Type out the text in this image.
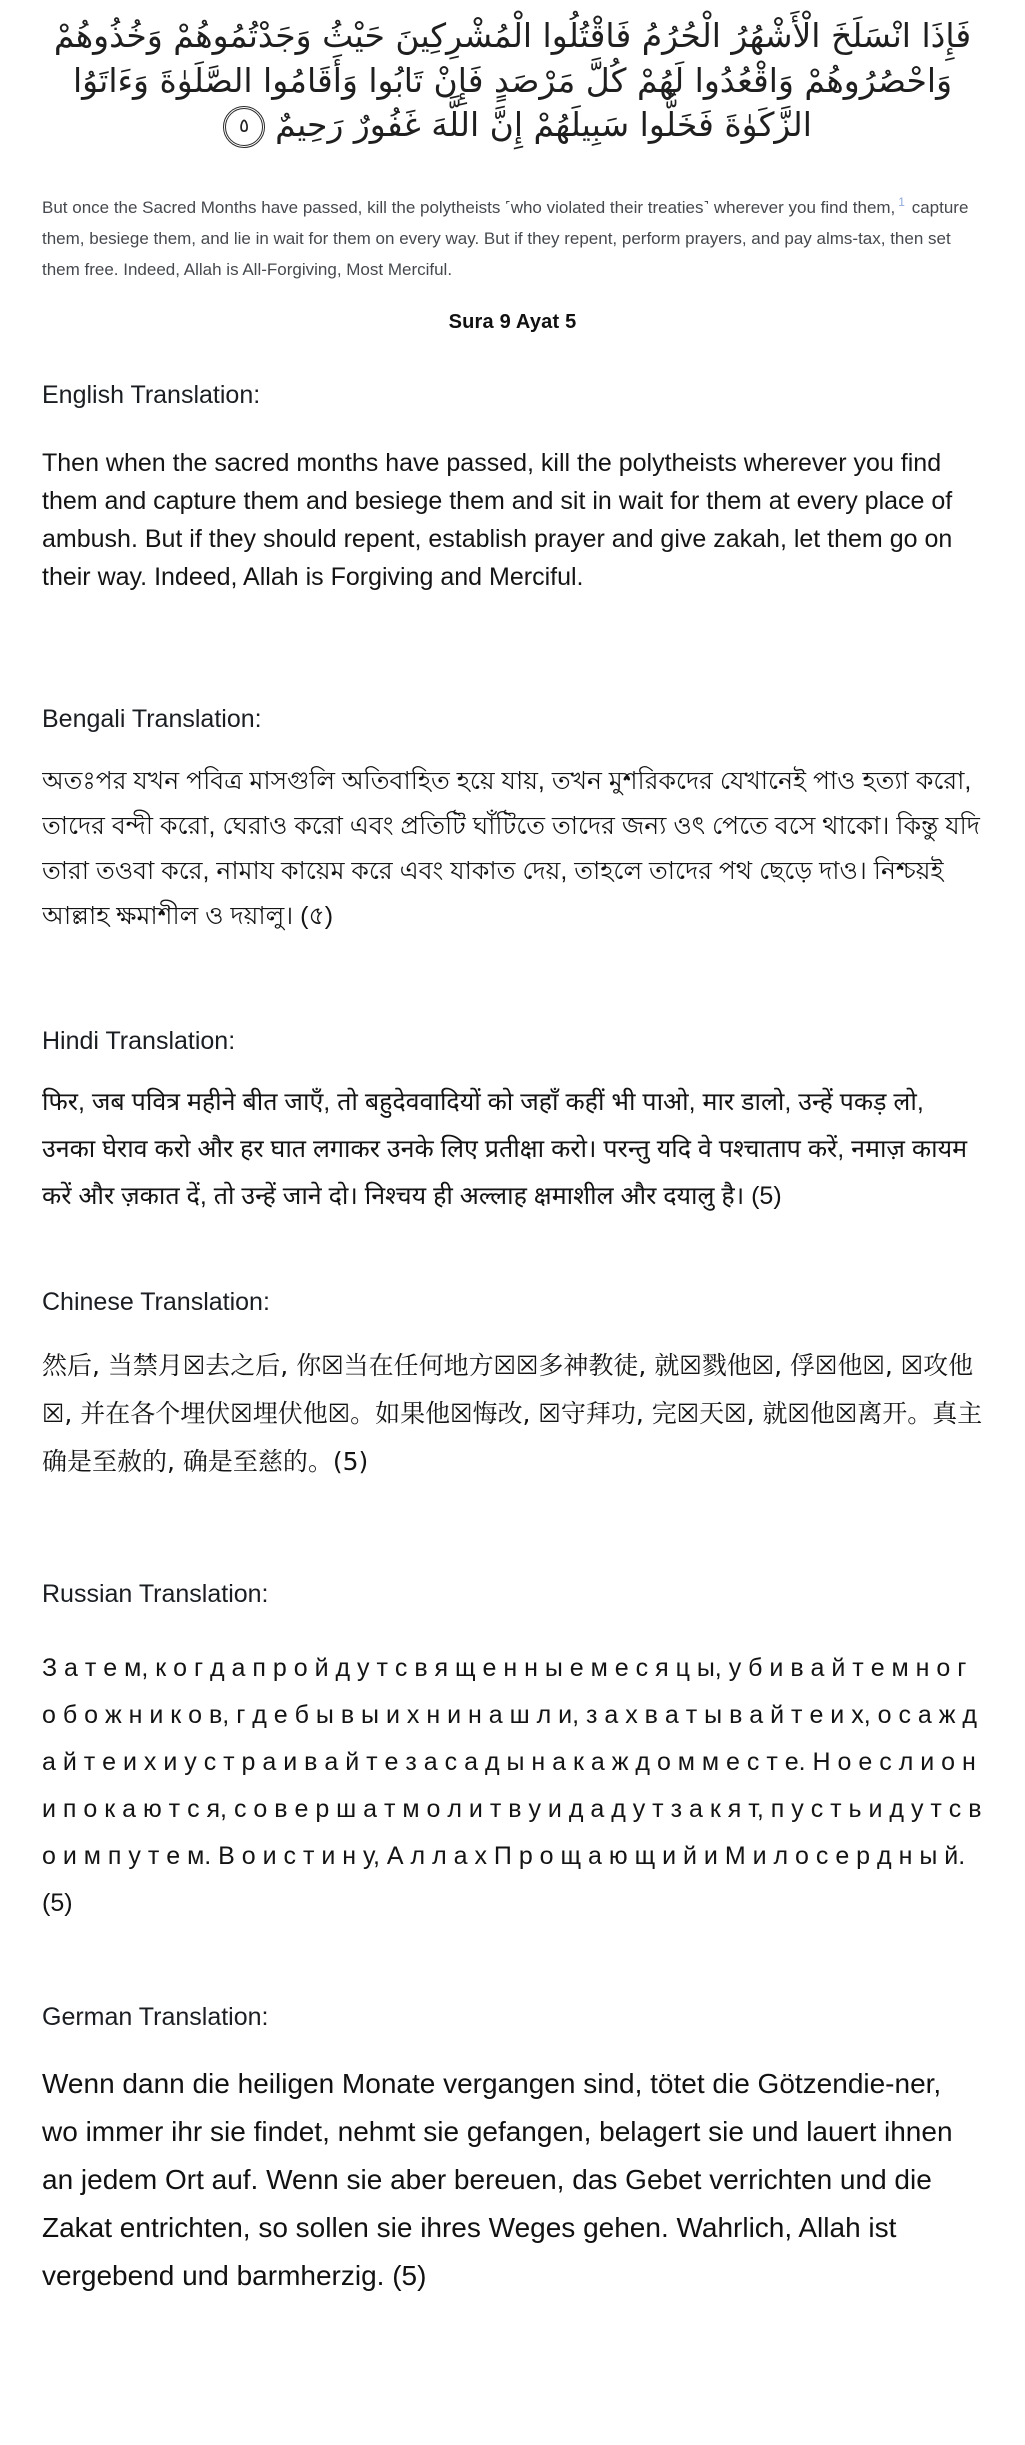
فَإِذَا انْسَلَخَ الْأَشْهُرُ الْحُرُمُ فَاقْتُلُوا الْمُشْرِكِينَ حَيْثُ وَجَدْتُمُوهُمْ وَخُذُوهُمْ وَاحْصُرُوهُمْ وَاقْعُدُوا لَهُمْ كُلَّ مَرْصَدٍ فَإِنْ تَابُوا وَأَقَامُوا الصَّلَوٰةَ وَءَاتَوُا الزَّكَوٰةَ فَخَلُّوا سَبِيلَهُمْ إِنَّ اللَّهَ غَفُورٌ رَحِيمٌ
٥

But once the Sacred Months have passed, kill the polytheists ˹who violated their treaties˺ wherever you find them, $^1$ capture them, besiege them, and lie in wait for them on every way. But if they repent, perform prayers, and pay alms-tax, then set them free. Indeed, Allah is All-Forgiving, Most Merciful.

Sura 9 Ayat 5
English Translation:

Then when the sacred months have passed, kill the polytheists wherever you find them and capture them and besiege them and sit in wait for them at every place of ambush. But if they should repent, establish prayer and give zakah, let them go on their way. Indeed, Allah is Forgiving and Merciful.

Bengali Translation:

অতঃপর যখন পবিত্র মাসগুলি অতিবাহিত হয়ে যায়, তখন মুশরিকদের যেখানেই পাও হত্যা করো, তাদের বন্দী করো, ঘেরাও করো এবং প্রতিটি ঘাঁটিতে তাদের জন্য ওৎ পেতে বসে থাকো। কিন্তু যদি তারা তওবা করে, নামায কায়েম করে এবং যাকাত দেয়, তাহলে তাদের পথ ছেড়ে দাও। নিশ্চয়ই আল্লাহ ক্ষমাশীল ও দয়ালু। (৫)

Hindi Translation:

फिर, जब पवित्र महीने बीत जाएँ, तो बहुदेववादियों को जहाँ कहीं भी पाओ, मार डालो, उन्हें पकड़ लो, उनका घेराव करो और हर घात लगाकर उनके लिए प्रतीक्षा करो। परन्तु यदि वे पश्चाताप करें, नमाज़ कायम करें और ज़कात दें, तो उन्हें जाने दो। निश्चय ही अल्लाह क्षमाशील और दयालु है। (5)

Chinese Translation:

然后, 当禁月☒去之后, 你☒当在任何地方☒☒多神教徒, 就☒戮他☒, 俘☒他☒, ☒攻他☒, 并在各个埋伏☒埋伏他☒。如果他☒悔改, ☒守拜功, 完☒天☒, 就☒他☒离开。真主确是至赦的, 确是至慈的。(5)

Russian Translation:

З а т е м, к о г д а п р о й д у т с в я щ е н н ы е м е с я ц ы, у б и в а й т е м н о г о б о ж н и к о в, г д е б ы в ы и х н и н а ш л и, з а х в а т ы в а й т е и х, о с а ж д а й т е и х и у с т р а и в а й т е з а с а д ы н а к а ж д о м м е с т е. Н о е с л и о н и п о к а ю т с я, с о в е р ш а т м о л и т в у и д а д у т з а к я т, п у с т ь и д у т с в о и м п у т е м. В о и с т и н у, А л л а х П р о щ а ю щ и й и М и л о с е р д н ы й.(5)

German Translation:

Wenn dann die heiligen Monate vergangen sind, tötet die Götzendie-ner, wo immer ihr sie findet, nehmt sie gefangen, belagert sie und lauert ihnen an jedem Ort auf. Wenn sie aber bereuen, das Gebet verrichten und die Zakat entrichten, so sollen sie ihres Weges gehen. Wahrlich, Allah ist vergebend und barmherzig. (5)
